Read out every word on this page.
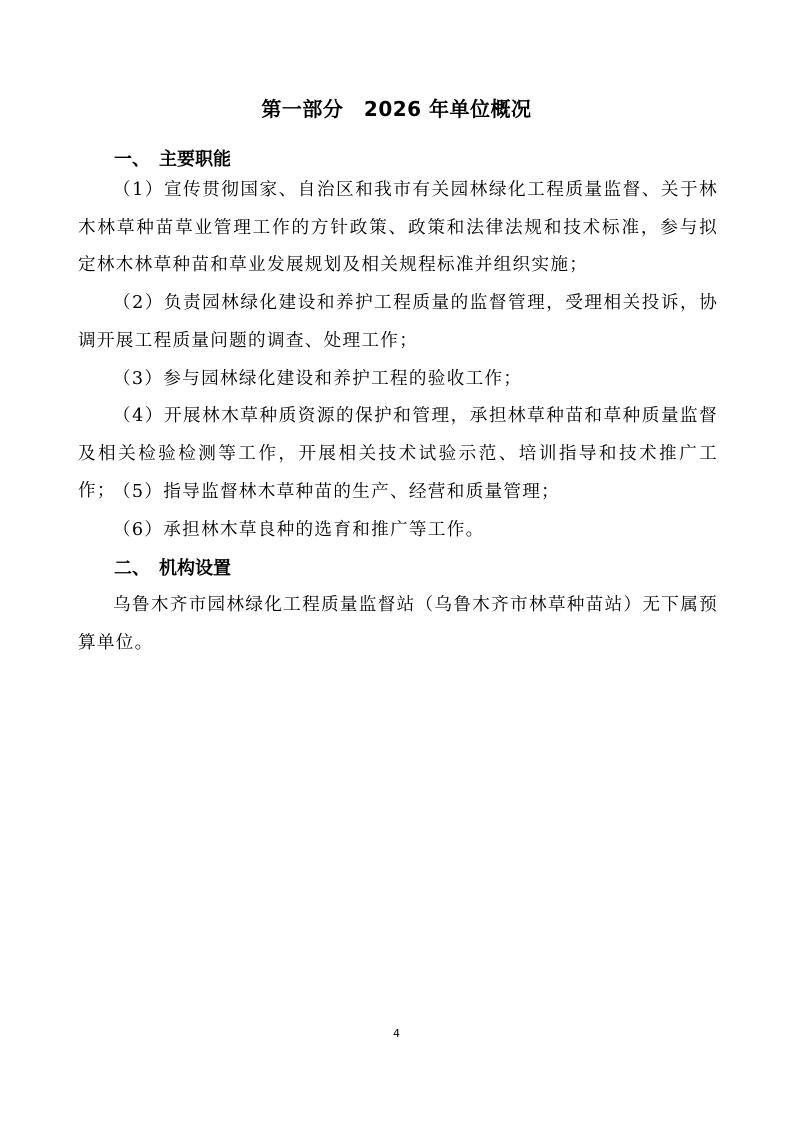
第一部分　2026 年单位概况
一、　主要职能

（1）宣传贯彻国家、自治区和我市有关园林绿化工程质量监督、关于林木林草种苗草业管理工作的方针政策、政策和法律法规和技术标准，参与拟定林木林草种苗和草业发展规划及相关规程标准并组织实施；

（2）负责园林绿化建设和养护工程质量的监督管理，受理相关投诉，协调开展工程质量问题的调查、处理工作；

（3）参与园林绿化建设和养护工程的验收工作；

（4）开展林木草种质资源的保护和管理，承担林草种苗和草种质量监督及相关检验检测等工作，开展相关技术试验示范、培训指导和技术推广工作；

（5）指导监督林木草种苗的生产、经营和质量管理；

（6）承担林木草良种的选育和推广等工作。

二、　机构设置

乌鲁木齐市园林绿化工程质量监督站（乌鲁木齐市林草种苗站）无下属预算单位。

4
